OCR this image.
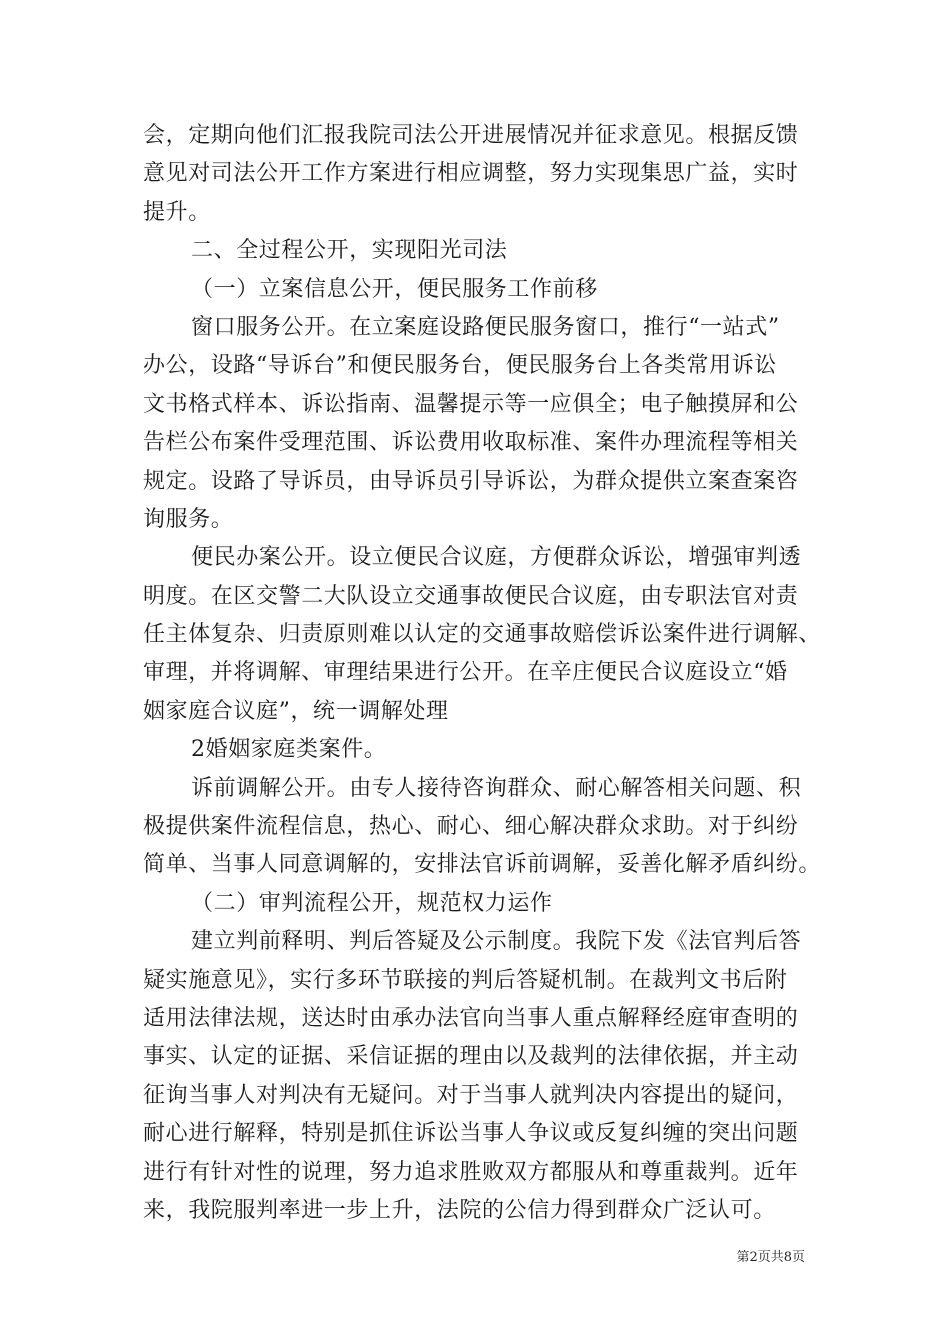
会，定期向他们汇报我院司法公开进展情况并征求意见。根据反馈
意见对司法公开工作方案进行相应调整，努力实现集思广益，实时
提升。
二、全过程公开，实现阳光司法
（一）立案信息公开，便民服务工作前移
窗口服务公开。在立案庭设路便民服务窗口，推行“一站式”
办公，设路“导诉台”和便民服务台，便民服务台上各类常用诉讼
文书格式样本、诉讼指南、温馨提示等一应俱全；电子触摸屏和公
告栏公布案件受理范围、诉讼费用收取标准、案件办理流程等相关
规定。设路了导诉员，由导诉员引导诉讼，为群众提供立案查案咨
询服务。
便民办案公开。设立便民合议庭，方便群众诉讼，增强审判透
明度。在区交警二大队设立交通事故便民合议庭，由专职法官对责
任主体复杂、归责原则难以认定的交通事故赔偿诉讼案件进行调解、
审理，并将调解、审理结果进行公开。在辛庄便民合议庭设立“婚
姻家庭合议庭”，统一调解处理
2婚姻家庭类案件。
诉前调解公开。由专人接待咨询群众、耐心解答相关问题、积
极提供案件流程信息，热心、耐心、细心解决群众求助。对于纠纷
简单、当事人同意调解的，安排法官诉前调解，妥善化解矛盾纠纷。
（二）审判流程公开，规范权力运作
建立判前释明、判后答疑及公示制度。我院下发《法官判后答
疑实施意见》，实行多环节联接的判后答疑机制。在裁判文书后附
适用法律法规，送达时由承办法官向当事人重点解释经庭审查明的
事实、认定的证据、采信证据的理由以及裁判的法律依据，并主动
征询当事人对判决有无疑问。对于当事人就判决内容提出的疑问，
耐心进行解释，特别是抓住诉讼当事人争议或反复纠缠的突出问题
进行有针对性的说理，努力追求胜败双方都服从和尊重裁判。近年
来，我院服判率进一步上升，法院的公信力得到群众广泛认可。
第2页共8页
